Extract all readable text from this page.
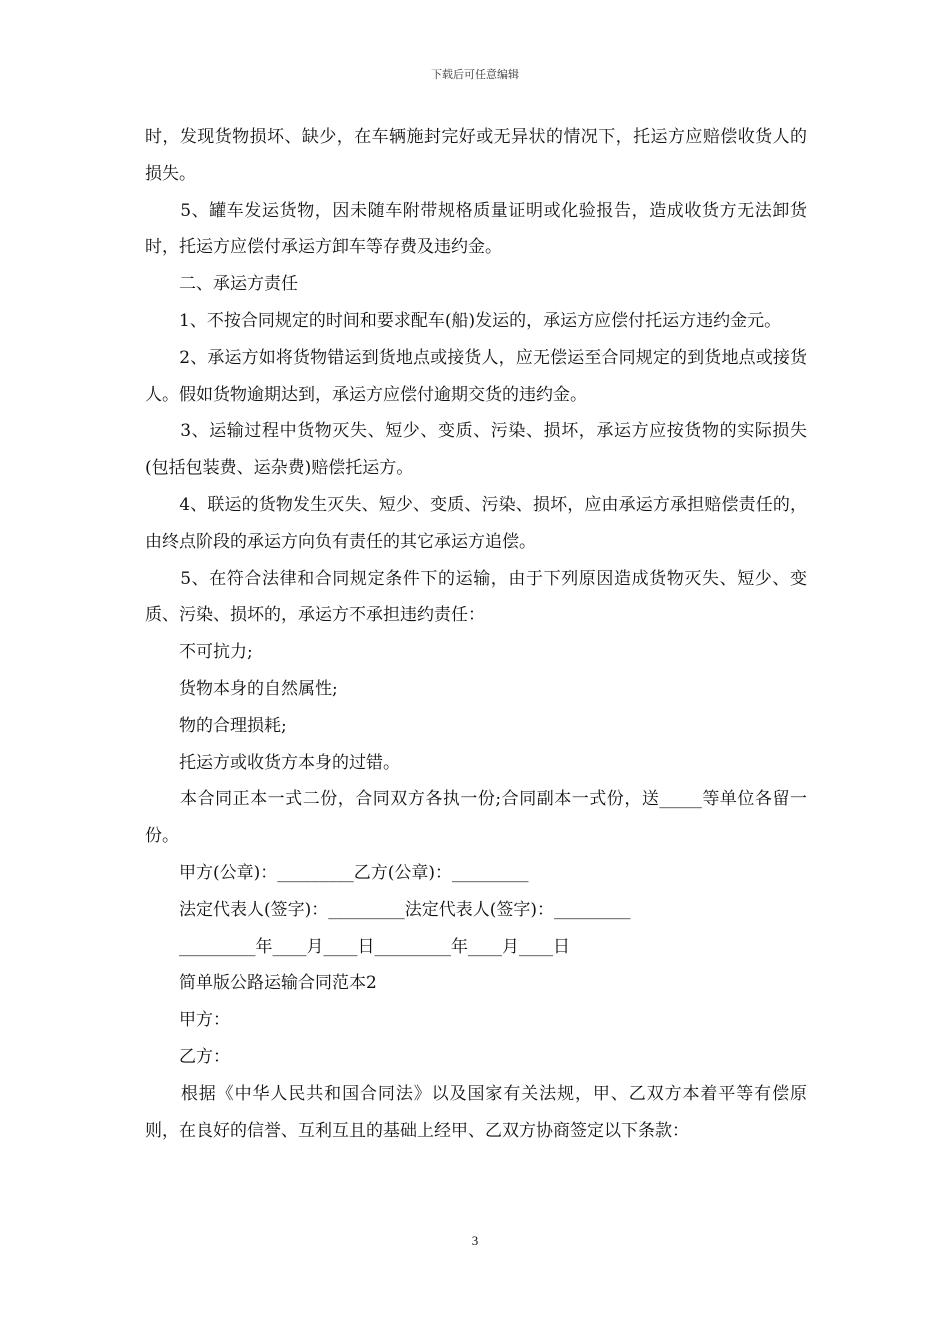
下载后可任意编辑

时，发现货物损坏、缺少，在车辆施封完好或无异状的情况下，托运方应赔偿收货人的损失。

　　5、罐车发运货物，因未随车附带规格质量证明或化验报告，造成收货方无法卸货时，托运方应偿付承运方卸车等存费及违约金。

　　二、承运方责任

　　1、不按合同规定的时间和要求配车(船)发运的，承运方应偿付托运方违约金元。

　　2、承运方如将货物错运到货地点或接货人，应无偿运至合同规定的到货地点或接货人。假如货物逾期达到，承运方应偿付逾期交货的违约金。

　　3、运输过程中货物灭失、短少、变质、污染、损坏，承运方应按货物的实际损失(包括包装费、运杂费)赔偿托运方。

　　4、联运的货物发生灭失、短少、变质、污染、损坏，应由承运方承担赔偿责任的，由终点阶段的承运方向负有责任的其它承运方追偿。

　　5、在符合法律和合同规定条件下的运输，由于下列原因造成货物灭失、短少、变质、污染、损坏的，承运方不承担违约责任：

　　不可抗力;

　　货物本身的自然属性;

　　物的合理损耗;

　　托运方或收货方本身的过错。

　　本合同正本一式二份，合同双方各执一份;合同副本一式份，送_____等单位各留一份。

　　甲方(公章)：_________乙方(公章)：_________

　　法定代表人(签字)：_________法定代表人(签字)：_________

　　_________年____月____日_________年____月____日

　　简单版公路运输合同范本2

　　甲方：

　　乙方：

　　根据《中华人民共和国合同法》以及国家有关法规，甲、乙双方本着平等有偿原则，在良好的信誉、互利互且的基础上经甲、乙双方协商签定以下条款：

3
